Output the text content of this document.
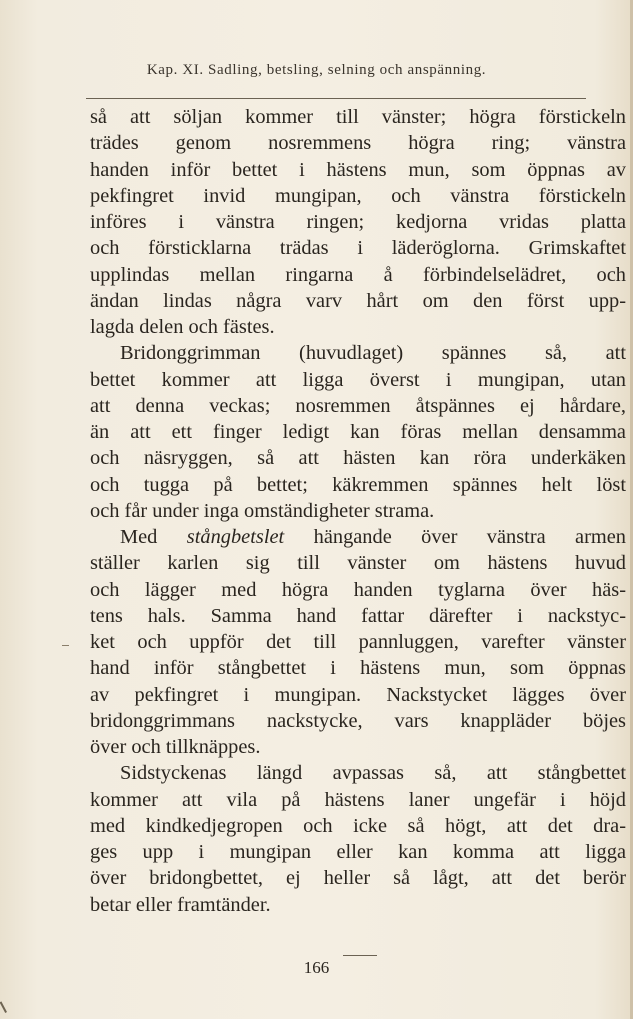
Kap. XI. Sadling, betsling, selning och anspänning.
så att söljan kommer till vänster; högra förstickeln
trädes genom nosremmens högra ring; vänstra
handen inför bettet i hästens mun, som öppnas av
pekfingret invid mungipan, och vänstra förstickeln
införes i vänstra ringen; kedjorna vridas platta
och försticklarna trädas i läderöglorna. Grimskaftet
upplindas mellan ringarna å förbindelselädret, och
ändan lindas några varv hårt om den först upp-
lagda delen och fästes.
Bridonggrimman (huvudlaget) spännes så, att
bettet kommer att ligga överst i mungipan, utan
att denna veckas; nosremmen åtspännes ej hårdare,
än att ett finger ledigt kan föras mellan densamma
och näsryggen, så att hästen kan röra underkäken
och tugga på bettet; käkremmen spännes helt löst
och får under inga omständigheter strama.
Med stångbetslet hängande över vänstra armen
ställer karlen sig till vänster om hästens huvud
och lägger med högra handen tyglarna över häs-
tens hals. Samma hand fattar därefter i nackstyc-
ket och uppför det till pannluggen, varefter vänster
hand inför stångbettet i hästens mun, som öppnas
av pekfingret i mungipan. Nackstycket lägges över
bridonggrimmans nackstycke, vars knappläder böjes
över och tillknäppes.
Sidstyckenas längd avpassas så, att stångbettet
kommer att vila på hästens laner ungefär i höjd
med kindkedjegropen och icke så högt, att det dra-
ges upp i mungipan eller kan komma att ligga
över bridongbettet, ej heller så lågt, att det berör
betar eller framtänder.
166
